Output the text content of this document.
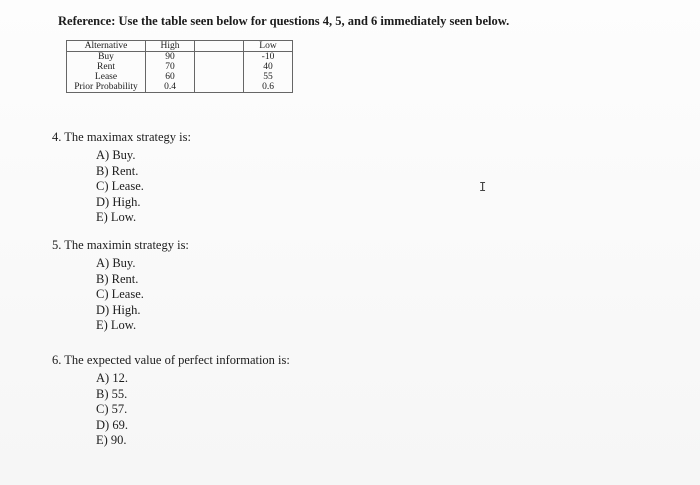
Reference: Use the table seen below for questions 4, 5, and 6 immediately seen below.
Alternative	High		Low
Buy	90		-10
Rent	70		40
Lease	60		55
Prior Probability	0.4		0.6
4. The maximax strategy is:
A) Buy.
B) Rent.
C) Lease.
D) High.
E) Low.
5. The maximin strategy is:
A) Buy.
B) Rent.
C) Lease.
D) High.
E) Low.
6. The expected value of perfect information is:
A) 12.
B) 55.
C) 57.
D) 69.
E) 90.
I
